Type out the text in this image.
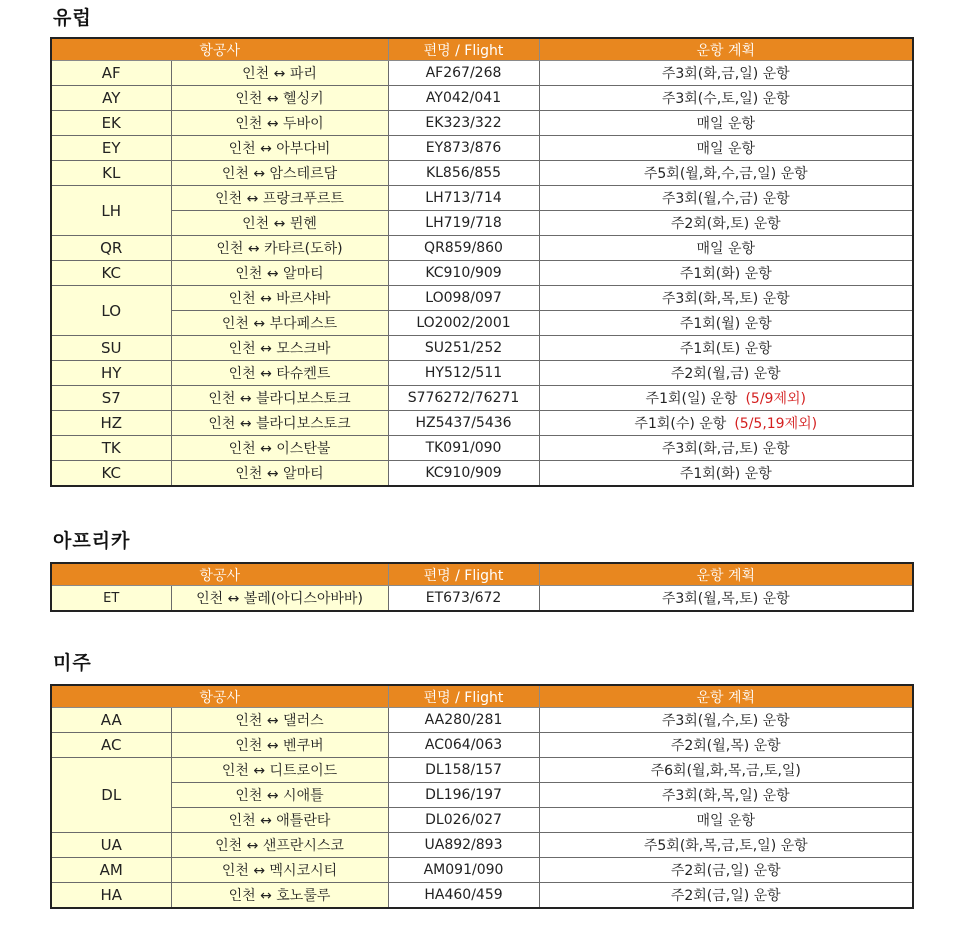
유럽
항공사		편명 / Flight	운항 계획
AF	인천 ↔ 파리	AF267/268	주3회(화,금,일) 운항
AY	인천 ↔ 헬싱키	AY042/041	주3회(수,토,일) 운항
EK	인천 ↔ 두바이	EK323/322	매일 운항
EY	인천 ↔ 아부다비	EY873/876	매일 운항
KL	인천 ↔ 암스테르담	KL856/855	주5회(월,화,수,금,일) 운항
LH	인천 ↔ 프랑크푸르트	LH713/714	주3회(월,수,금) 운항
	인천 ↔ 뮌헨	LH719/718	주2회(화,토) 운항
QR	인천 ↔ 카타르(도하)	QR859/860	매일 운항
KC	인천 ↔ 알마티	KC910/909	주1회(화) 운항
LO	인천 ↔ 바르샤바	LO098/097	주3회(화,목,토) 운항
	인천 ↔ 부다페스트	LO2002/2001	주1회(월) 운항
SU	인천 ↔ 모스크바	SU251/252	주1회(토) 운항
HY	인천 ↔ 타슈켄트	HY512/511	주2회(월,금) 운항
S7	인천 ↔ 블라디보스토크	S776272/76271	주1회(일) 운항 (5/9제외)
HZ	인천 ↔ 블라디보스토크	HZ5437/5436	주1회(수) 운항 (5/5,19제외)
TK	인천 ↔ 이스탄불	TK091/090	주3회(화,금,토) 운항
KC	인천 ↔ 알마티	KC910/909	주1회(화) 운항
아프리카
항공사		편명 / Flight	운항 계획
ET	인천 ↔ 볼레(아디스아바바)	ET673/672	주3회(월,목,토) 운항
미주
항공사		편명 / Flight	운항 계획
AA	인천 ↔ 댈러스	AA280/281	주3회(월,수,토) 운항
AC	인천 ↔ 벤쿠버	AC064/063	주2회(월,목) 운항
DL	인천 ↔ 디트로이드	DL158/157	주6회(월,화,목,금,토,일)
	인천 ↔ 시애틀	DL196/197	주3회(화,목,일) 운항
	인천 ↔ 애틀란타	DL026/027	매일 운항
UA	인천 ↔ 샌프란시스코	UA892/893	주5회(화,목,금,토,일) 운항
AM	인천 ↔ 멕시코시티	AM091/090	주2회(금,일) 운항
HA	인천 ↔ 호노룰루	HA460/459	주2회(금,일) 운항
